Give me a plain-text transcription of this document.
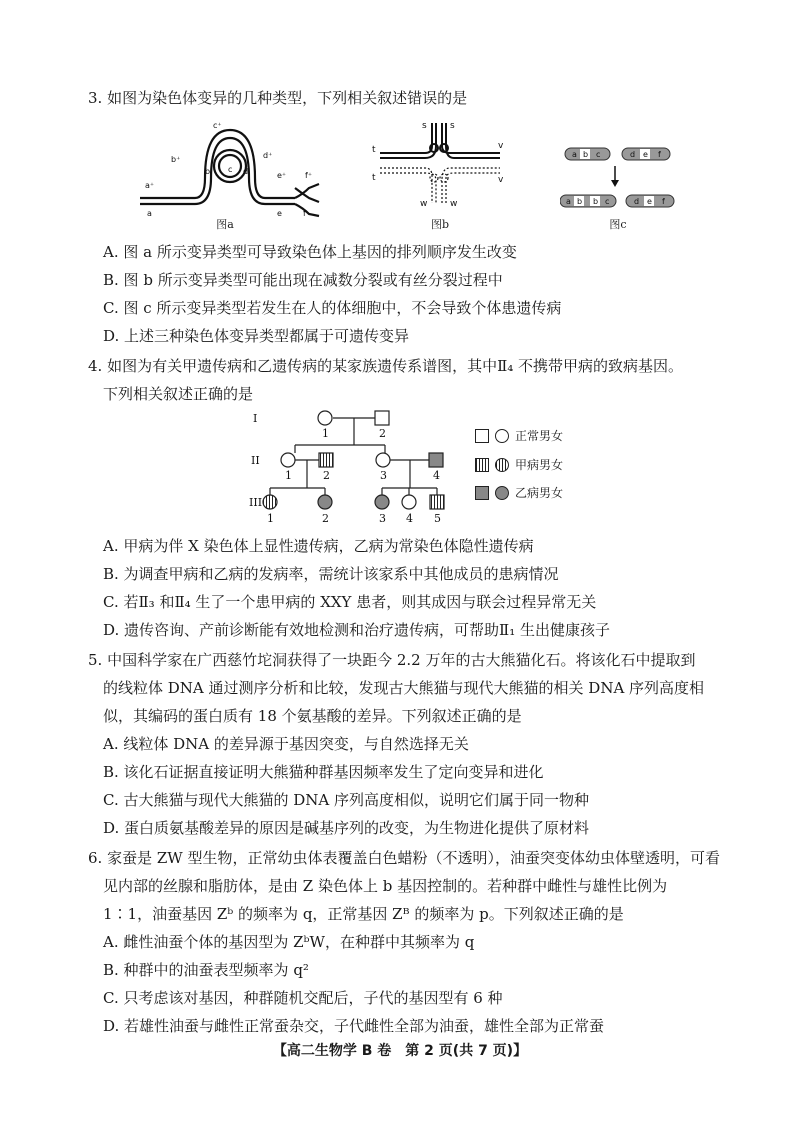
3. 如图为染色体变异的几种类型，下列相关叙述错误的是
a⁺
b⁺
c⁺
d⁺
e⁺ f⁺
a
b c d
e	f
图a
s	s
t
t
v
v
w	w
图b
a b c	d e f
a b b c	d e f
图c
A. 图 a 所示变异类型可导致染色体上基因的排列顺序发生改变
B. 图 b 所示变异类型可能出现在减数分裂或有丝分裂过程中
C. 图 c 所示变异类型若发生在人的体细胞中，不会导致个体患遗传病
D. 上述三种染色体变异类型都属于可遗传变异
4. 如图为有关甲遗传病和乙遗传病的某家族遗传系谱图，其中Ⅱ₄ 不携带甲病的致病基因。
下列相关叙述正确的是
I
II
III
1	2
1	2	3	4
1	2	3 4 5
正常男女
甲病男女
乙病男女
A. 甲病为伴 X 染色体上显性遗传病，乙病为常染色体隐性遗传病
B. 为调查甲病和乙病的发病率，需统计该家系中其他成员的患病情况
C. 若Ⅱ₃ 和Ⅱ₄ 生了一个患甲病的 XXY 患者，则其成因与联会过程异常无关
D. 遗传咨询、产前诊断能有效地检测和治疗遗传病，可帮助Ⅱ₁ 生出健康孩子
5. 中国科学家在广西慈竹坨洞获得了一块距今 2.2 万年的古大熊猫化石。将该化石中提取到
的线粒体 DNA 通过测序分析和比较，发现古大熊猫与现代大熊猫的相关 DNA 序列高度相
似，其编码的蛋白质有 18 个氨基酸的差异。下列叙述正确的是
A. 线粒体 DNA 的差异源于基因突变，与自然选择无关
B. 该化石证据直接证明大熊猫种群基因频率发生了定向变异和进化
C. 古大熊猫与现代大熊猫的 DNA 序列高度相似，说明它们属于同一物种
D. 蛋白质氨基酸差异的原因是碱基序列的改变，为生物进化提供了原材料
6. 家蚕是 ZW 型生物，正常幼虫体表覆盖白色蜡粉（不透明），油蚕突变体幼虫体壁透明，可看
见内部的丝腺和脂肪体，是由 Z 染色体上 b 基因控制的。若种群中雌性与雄性比例为
1∶1，油蚕基因 Zᵇ 的频率为 q，正常基因 Zᴮ 的频率为 p。下列叙述正确的是
A. 雌性油蚕个体的基因型为 ZᵇW，在种群中其频率为 q
B. 种群中的油蚕表型频率为 q²
C. 只考虑该对基因，种群随机交配后，子代的基因型有 6 种
D. 若雄性油蚕与雌性正常蚕杂交，子代雌性全部为油蚕，雄性全部为正常蚕
【高二生物学 B 卷　第 2 页(共 7 页)】
